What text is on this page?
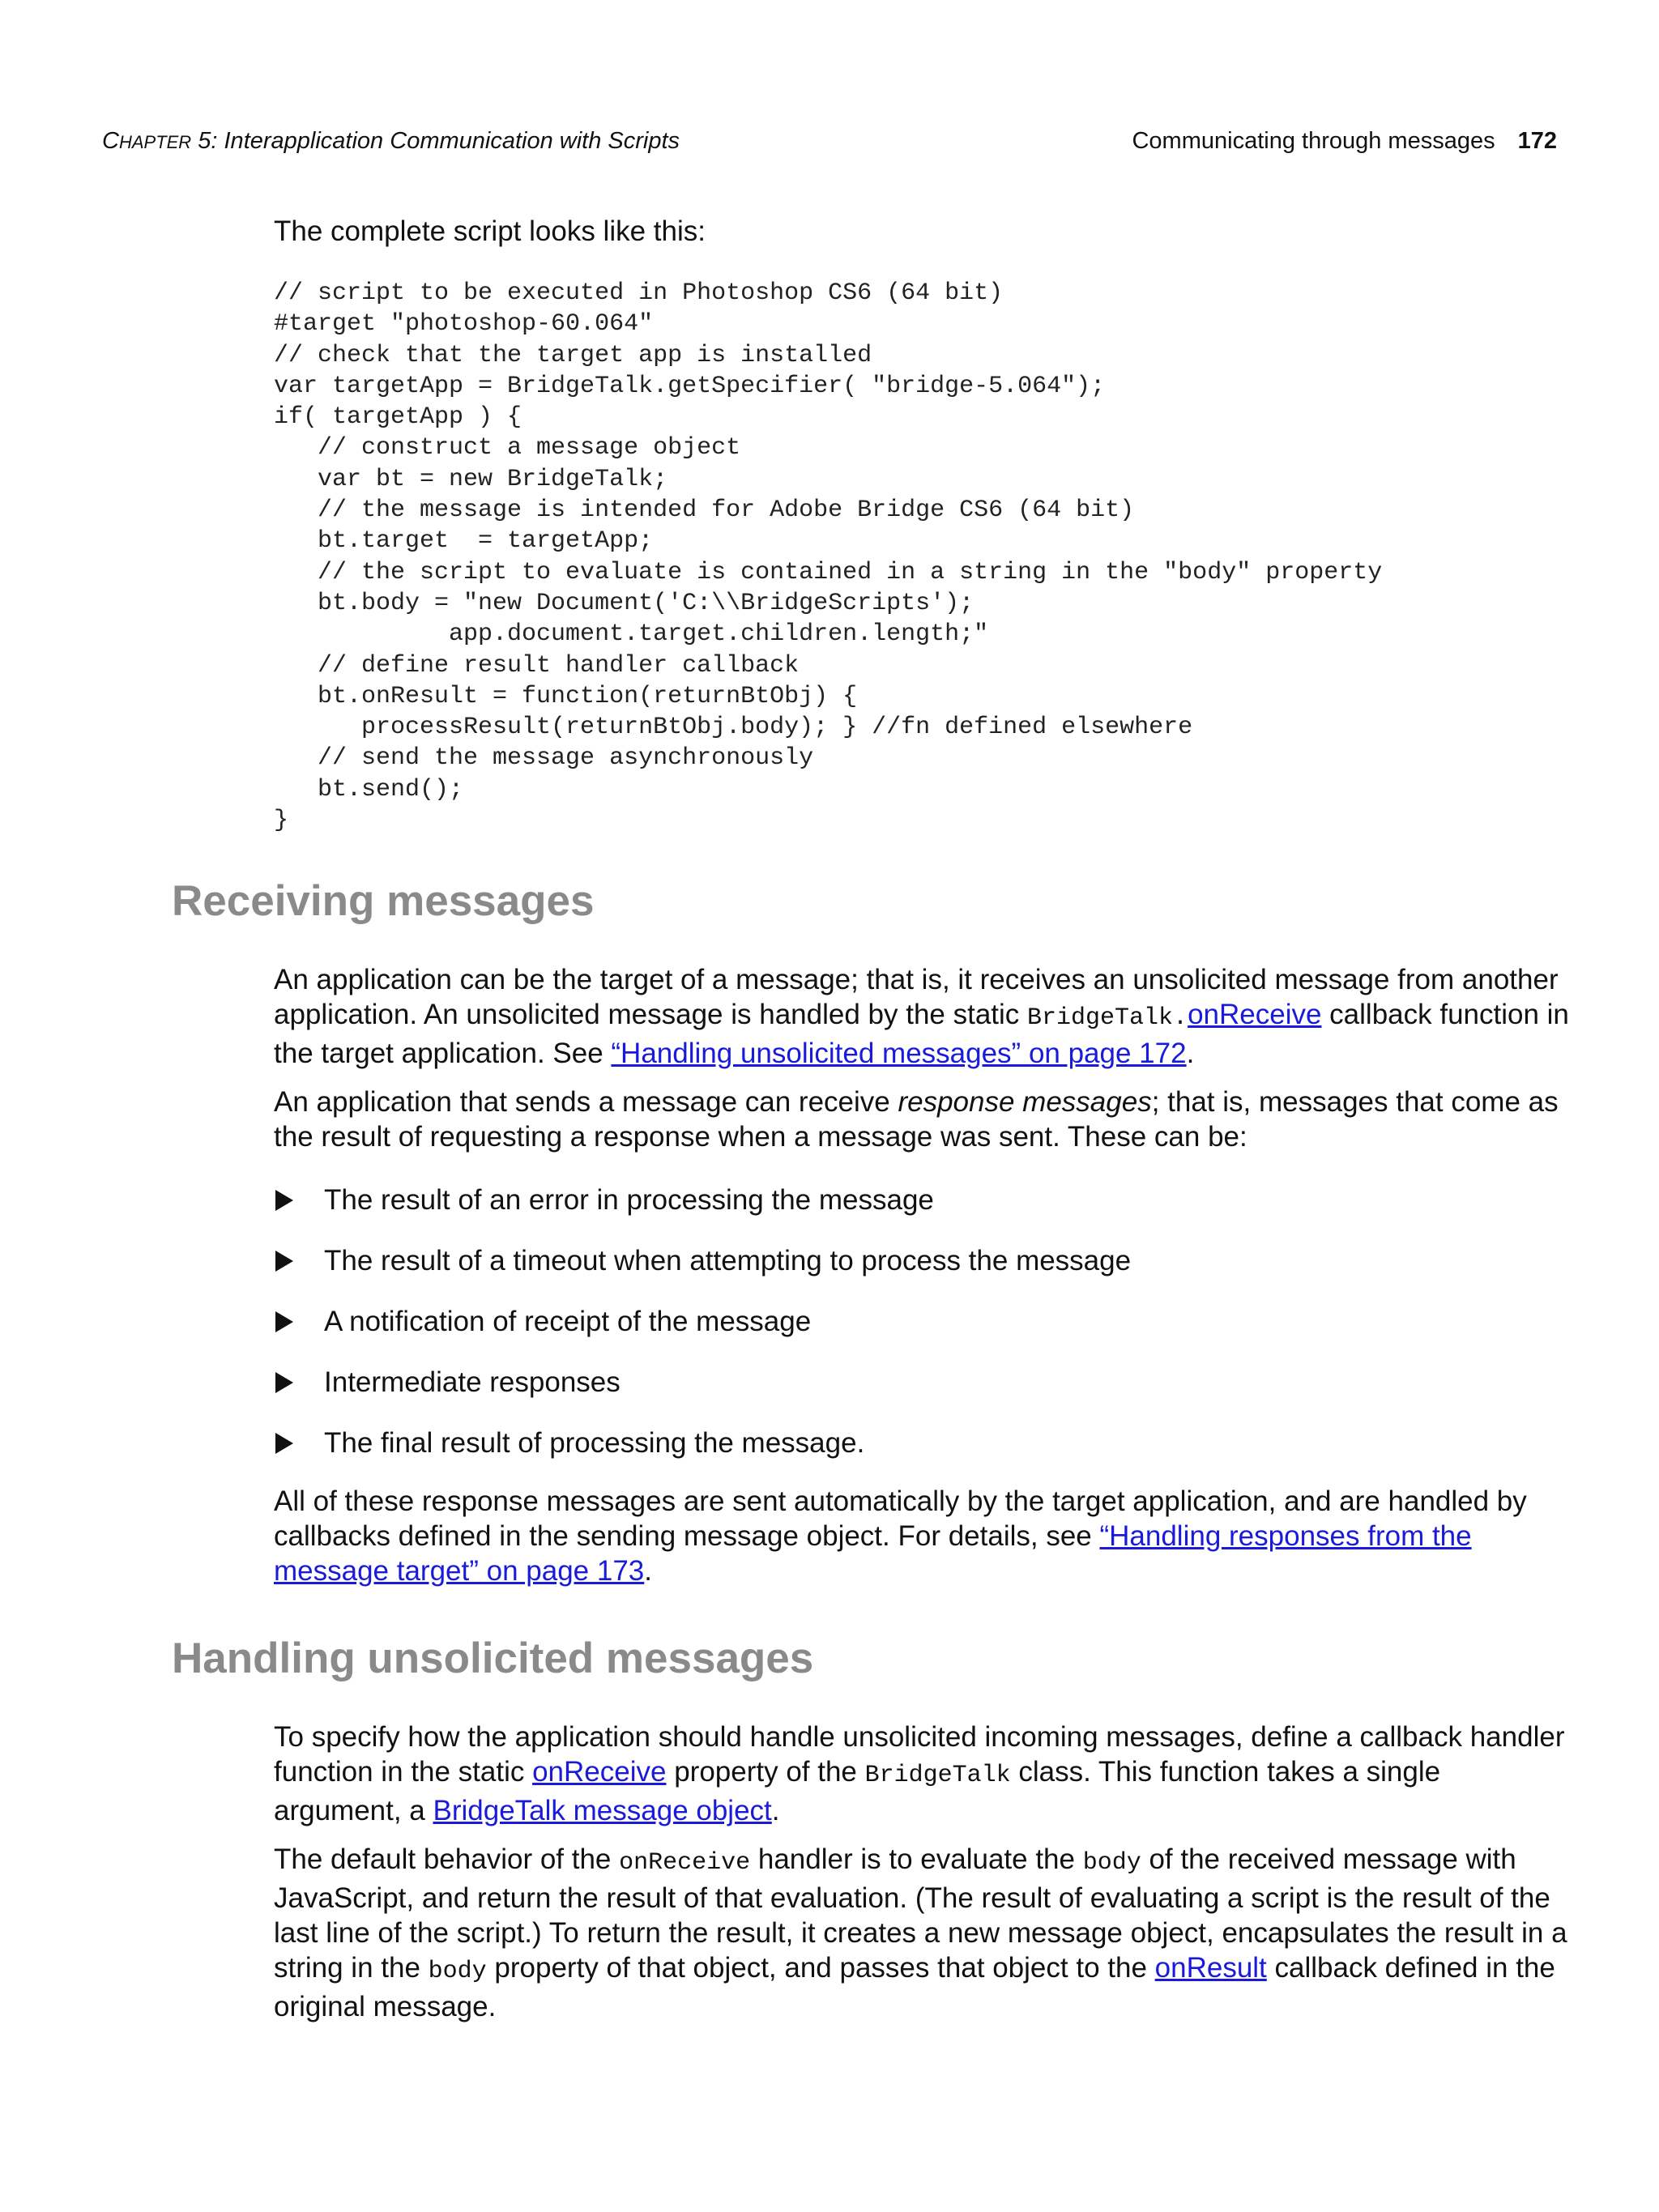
CHAPTER 5: Interapplication Communication with Scripts	Communicating through messages 172

The complete script looks like this:

// script to be executed in Photoshop CS6 (64 bit)
#target "photoshop-60.064"
// check that the target app is installed
var targetApp = BridgeTalk.getSpecifier( "bridge-5.064");
if( targetApp ) {
// construct a message object
var bt = new BridgeTalk;
// the message is intended for Adobe Bridge CS6 (64 bit)
bt.target  = targetApp;
// the script to evaluate is contained in a string in the "body" property
bt.body = "new Document('C:\\BridgeScripts');
app.document.target.children.length;"
// define result handler callback
bt.onResult = function(returnBtObj) {
processResult(returnBtObj.body); } //fn defined elsewhere
// send the message asynchronously
bt.send();
}
Receiving messages

An application can be the target of a message; that is, it receives an unsolicited message from another application. An unsolicited message is handled by the static BridgeTalk.onReceive callback function in the target application. See “Handling unsolicited messages” on page 172.

An application that sends a message can receive response messages; that is, messages that come as the result of requesting a response when a message was sent. These can be:

The result of an error in processing the message
The result of a timeout when attempting to process the message
A notification of receipt of the message
Intermediate responses
The final result of processing the message.

All of these response messages are sent automatically by the target application, and are handled by callbacks defined in the sending message object. For details, see “Handling responses from the message target” on page 173.

Handling unsolicited messages

To specify how the application should handle unsolicited incoming messages, define a callback handler function in the static onReceive property of the BridgeTalk class. This function takes a single argument, a BridgeTalk message object.

The default behavior of the onReceive handler is to evaluate the body of the received message with JavaScript, and return the result of that evaluation. (The result of evaluating a script is the result of the last line of the script.) To return the result, it creates a new message object, encapsulates the result in a string in the body property of that object, and passes that object to the onResult callback defined in the original message.
